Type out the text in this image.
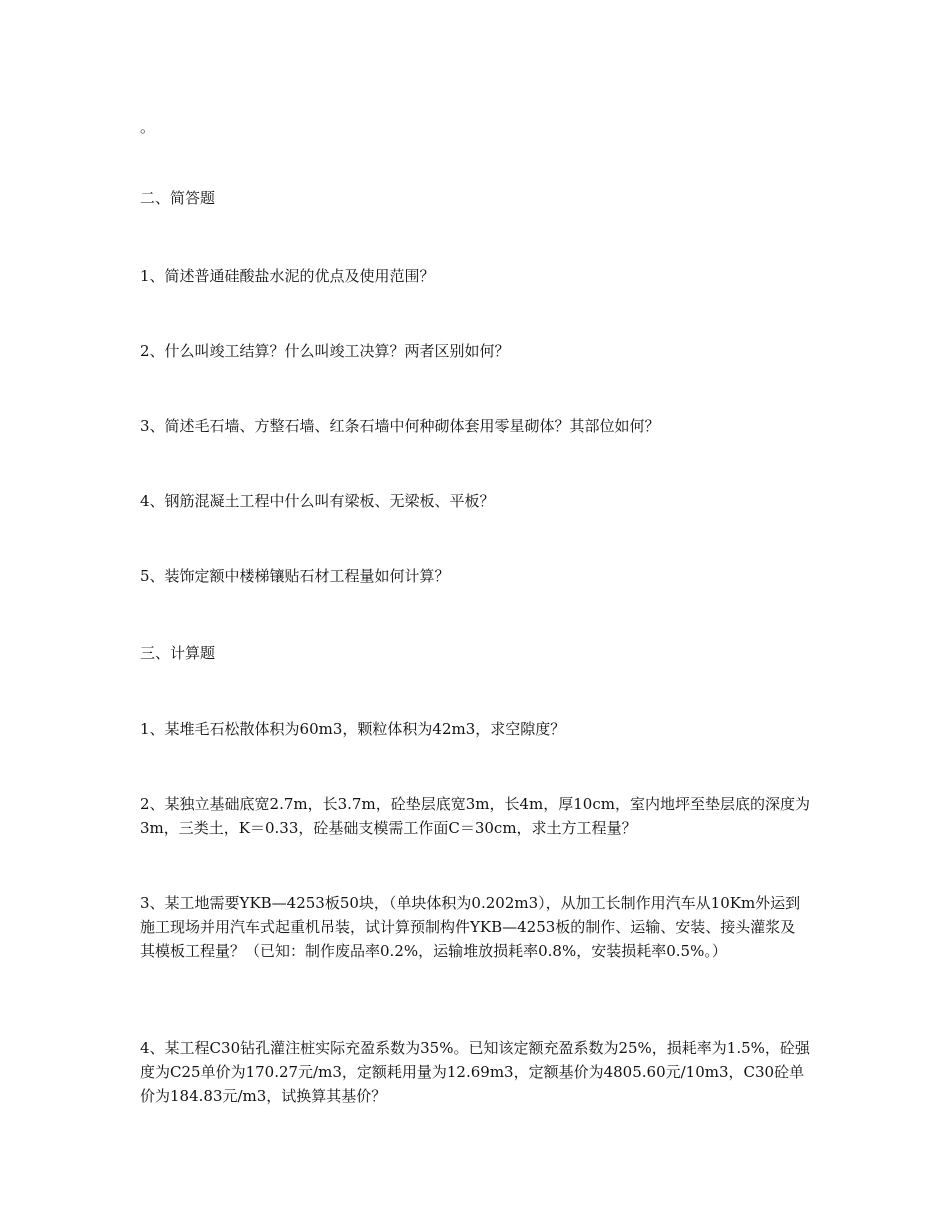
。

二、简答题

1、简述普通硅酸盐水泥的优点及使用范围？

2、什么叫竣工结算？什么叫竣工决算？两者区别如何？

3、简述毛石墙、方整石墙、红条石墙中何种砌体套用零星砌体？其部位如何？

4、钢筋混凝土工程中什么叫有梁板、无梁板、平板？

5、装饰定额中楼梯镶贴石材工程量如何计算？

三、计算题

1、某堆毛石松散体积为60m3，颗粒体积为42m3，求空隙度？

2、某独立基础底宽2.7m，长3.7m，砼垫层底宽3m，长4m，厚10cm，室内地坪至垫层底的深度为3m，三类土，K＝0.33，砼基础支模需工作面C＝30cm，求土方工程量？

3、某工地需要YKB—4253板50块，（单块体积为0.202m3），从加工长制作用汽车从10Km外运到施工现场并用汽车式起重机吊装，试计算预制构件YKB—4253板的制作、运输、安装、接头灌浆及其模板工程量？（已知：制作废品率0.2%，运输堆放损耗率0.8%，安装损耗率0.5%。）

4、某工程C30钻孔灌注桩实际充盈系数为35%。已知该定额充盈系数为25%，损耗率为1.5%，砼强度为C25单价为170.27元/m3，定额耗用量为12.69m3，定额基价为4805.60元/10m3，C30砼单价为184.83元/m3，试换算其基价？
